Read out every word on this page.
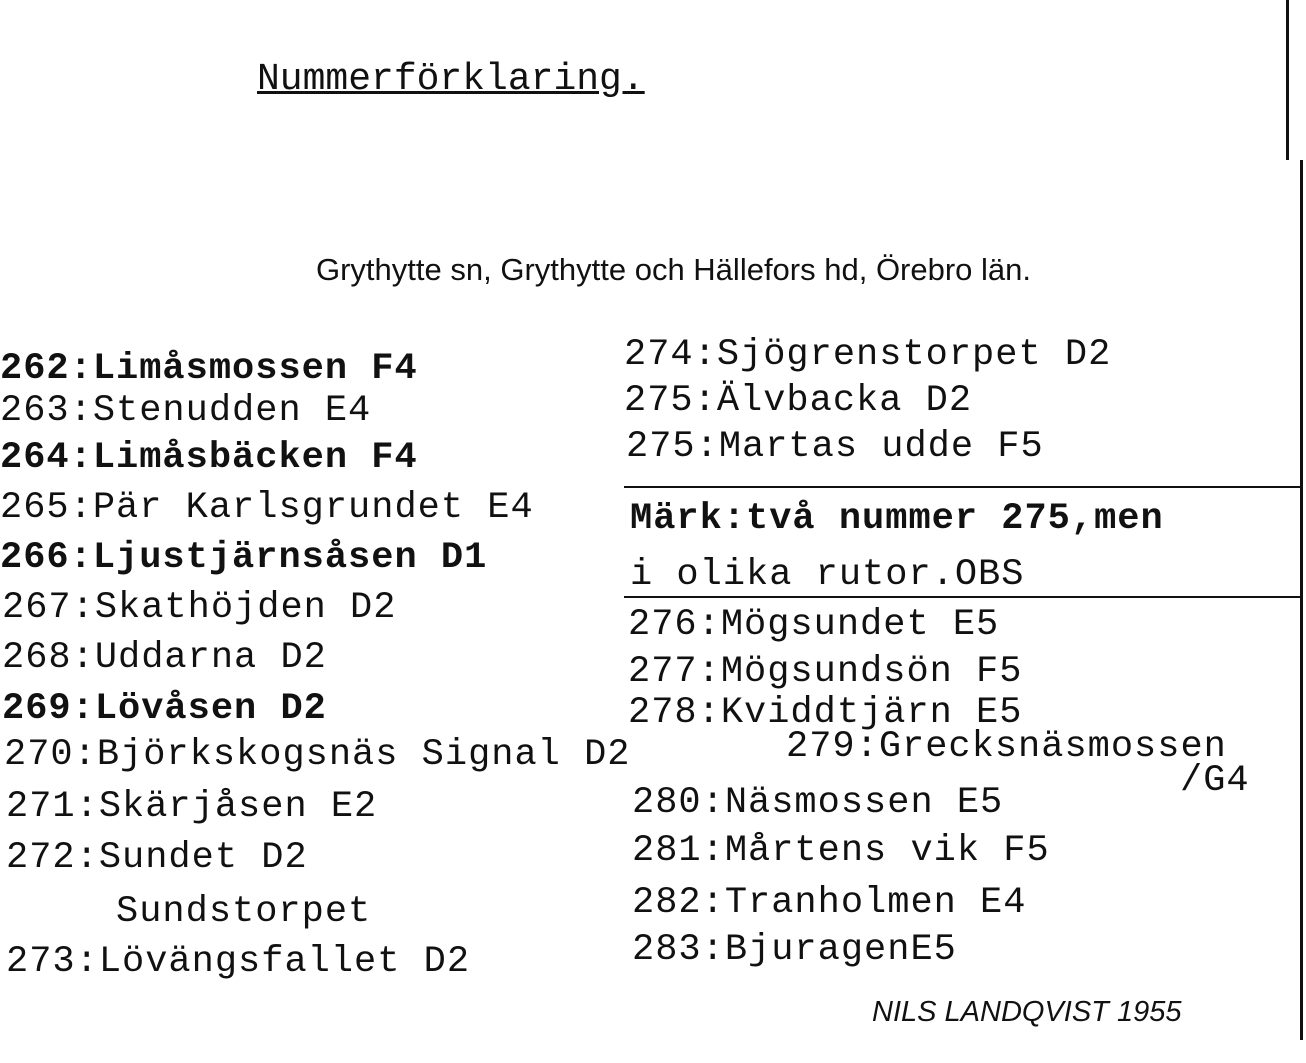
Nummerförklaring.
Grythytte sn, Grythytte och Hällefors hd, Örebro län.
262:Limåsmossen F4
263:Stenudden E4
264:Limåsbäcken F4
265:Pär Karlsgrundet E4
266:Ljustjärnsåsen D1
267:Skathöjden D2
268:Uddarna D2
269:Lövåsen D2
270:Björkskogsnäs Signal D2
271:Skärjåsen E2
272:Sundet D2
Sundstorpet
273:Lövängsfallet D2
274:Sjögrenstorpet D2
275:Älvbacka D2
275:Martas udde F5
Märk:två nummer 275,men
i olika rutor.OBS
276:Mögsundet E5
277:Mögsundsön F5
278:Kviddtjärn E5
279:Grecksnäsmossen
/G4
280:Näsmossen E5
281:Mårtens vik F5
282:Tranholmen E4
283:BjuragenE5
NILS LANDQVIST 1955
